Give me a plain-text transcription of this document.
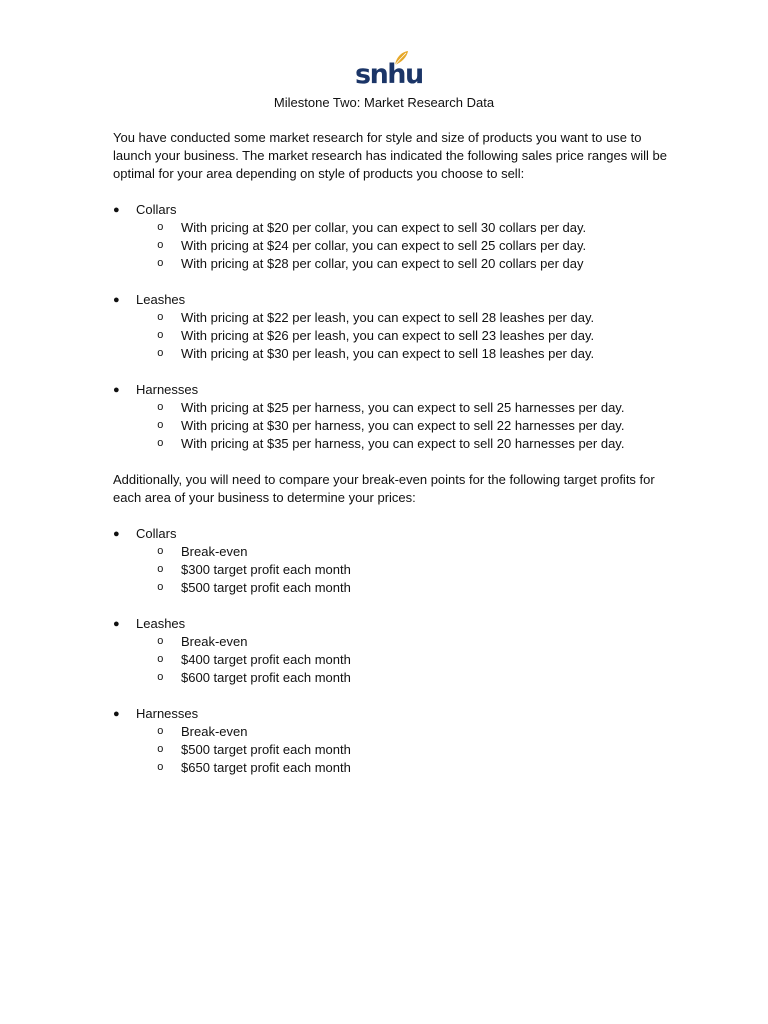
snhu
Milestone Two: Market Research Data

You have conducted some market research for style and size of products you want to use to launch your business. The market research has indicated the following sales price ranges will be optimal for your area depending on style of products you choose to sell:

● Collars
o With pricing at $20 per collar, you can expect to sell 30 collars per day.
o With pricing at $24 per collar, you can expect to sell 25 collars per day.
o With pricing at $28 per collar, you can expect to sell 20 collars per day
● Leashes
o With pricing at $22 per leash, you can expect to sell 28 leashes per day.
o With pricing at $26 per leash, you can expect to sell 23 leashes per day.
o With pricing at $30 per leash, you can expect to sell 18 leashes per day.
● Harnesses
o With pricing at $25 per harness, you can expect to sell 25 harnesses per day.
o With pricing at $30 per harness, you can expect to sell 22 harnesses per day.
o With pricing at $35 per harness, you can expect to sell 20 harnesses per day.

Additionally, you will need to compare your break-even points for the following target profits for each area of your business to determine your prices:

● Collars
o Break-even
o $300 target profit each month
o $500 target profit each month
● Leashes
o Break-even
o $400 target profit each month
o $600 target profit each month
● Harnesses
o Break-even
o $500 target profit each month
o $650 target profit each month
